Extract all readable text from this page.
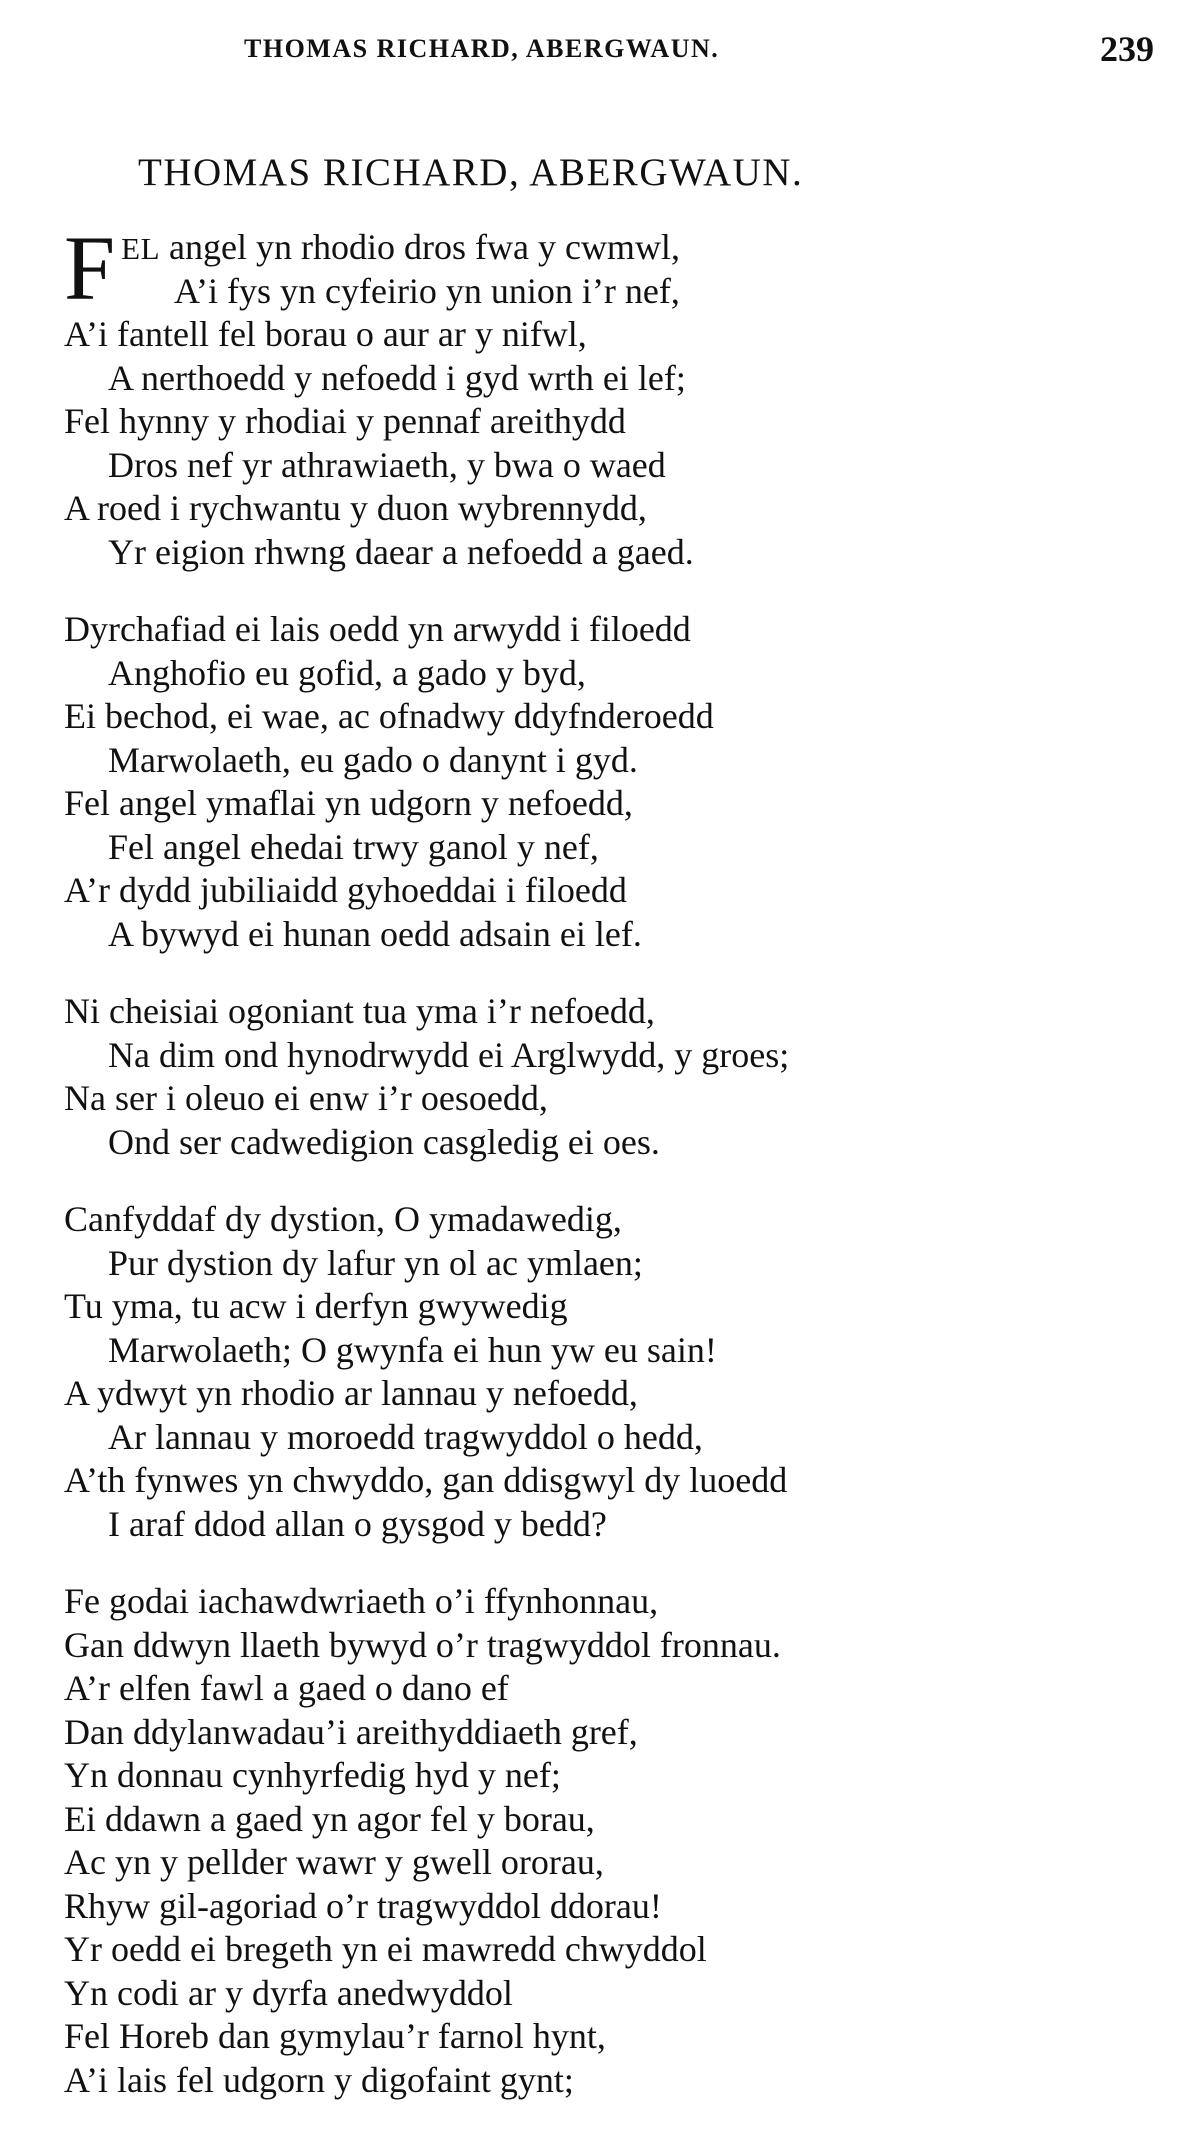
THOMAS RICHARD, ABERGWAUN.	239
THOMAS RICHARD, ABERGWAUN.
FEL angel yn rhodio dros fwa y cwmwl,
A’i fys yn cyfeirio yn union i’r nef,
A’i fantell fel borau o aur ar y nifwl,
A nerthoedd y nefoedd i gyd wrth ei lef;
Fel hynny y rhodiai y pennaf areithydd
Dros nef yr athrawiaeth, y bwa o waed
A roed i rychwantu y duon wybrennydd,
Yr eigion rhwng daear a nefoedd a gaed.
Dyrchafiad ei lais oedd yn arwydd i filoedd
Anghofio eu gofid, a gado y byd,
Ei bechod, ei wae, ac ofnadwy ddyfnderoedd
Marwolaeth, eu gado o danynt i gyd.
Fel angel ymaflai yn udgorn y nefoedd,
Fel angel ehedai trwy ganol y nef,
A’r dydd jubiliaidd gyhoeddai i filoedd
A bywyd ei hunan oedd adsain ei lef.
Ni cheisiai ogoniant tua yma i’r nefoedd,
Na dim ond hynodrwydd ei Arglwydd, y groes;
Na ser i oleuo ei enw i’r oesoedd,
Ond ser cadwedigion casgledig ei oes.
Canfyddaf dy dystion, O ymadawedig,
Pur dystion dy lafur yn ol ac ymlaen;
Tu yma, tu acw i derfyn gwywedig
Marwolaeth; O gwynfa ei hun yw eu sain!
A ydwyt yn rhodio ar lannau y nefoedd,
Ar lannau y moroedd tragwyddol o hedd,
A’th fynwes yn chwyddo, gan ddisgwyl dy luoedd
I araf ddod allan o gysgod y bedd?
Fe godai iachawdwriaeth o’i ffynhonnau,
Gan ddwyn llaeth bywyd o’r tragwyddol fronnau.
A’r elfen fawl a gaed o dano ef
Dan ddylanwadau’i areithyddiaeth gref,
Yn donnau cynhyrfedig hyd y nef;
Ei ddawn a gaed yn agor fel y borau,
Ac yn y pellder wawr y gwell ororau,
Rhyw gil-agoriad o’r tragwyddol ddorau!
Yr oedd ei bregeth yn ei mawredd chwyddol
Yn codi ar y dyrfa anedwyddol
Fel Horeb dan gymylau’r farnol hynt,
A’i lais fel udgorn y digofaint gynt;
